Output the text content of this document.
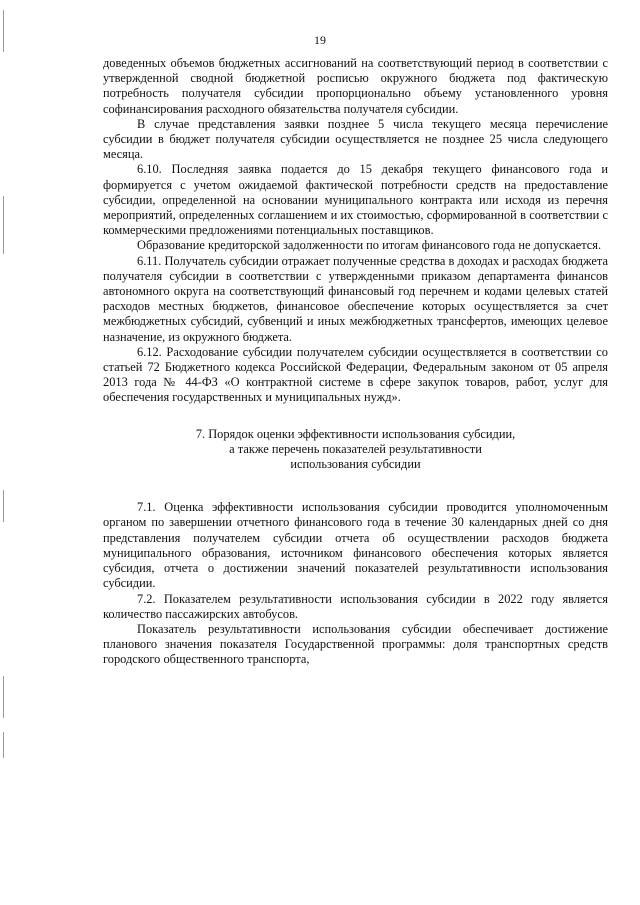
19

доведенных объемов бюджетных ассигнований на соответствующий период в соответствии с утвержденной сводной бюджетной росписью окружного бюджета под фактическую потребность получателя субсидии пропорционально объему установленного уровня софинансирования расходного обязательства получателя субсидии.

В случае представления заявки позднее 5 числа текущего месяца перечисление субсидии в бюджет получателя субсидии осуществляется не позднее 25 числа следующего месяца.

6.10. Последняя заявка подается до 15 декабря текущего финансового года и формируется с учетом ожидаемой фактической потребности средств на предоставление субсидии, определенной на основании муниципального контракта или исходя из перечня мероприятий, определенных соглашением и их стоимостью, сформированной в соответствии с коммерческими предложениями потенциальных поставщиков.

Образование кредиторской задолженности по итогам финансового года не допускается.

6.11. Получатель субсидии отражает полученные средства в доходах и расходах бюджета получателя субсидии в соответствии с утвержденными приказом департамента финансов автономного округа на соответствующий финансовый год перечнем и кодами целевых статей расходов местных бюджетов, финансовое обеспечение которых осуществляется за счет межбюджетных субсидий, субвенций и иных межбюджетных трансфертов, имеющих целевое назначение, из окружного бюджета.

6.12. Расходование субсидии получателем субсидии осуществляется в соответствии со статьей 72 Бюджетного кодекса Российской Федерации, Федеральным законом от 05 апреля 2013 года № 44-ФЗ «О контрактной системе в сфере закупок товаров, работ, услуг для обеспечения государственных и муниципальных нужд».

7. Порядок оценки эффективности использования субсидии,
а также перечень показателей результативности
использования субсидии

7.1. Оценка эффективности использования субсидии проводится уполномоченным органом по завершении отчетного финансового года в течение 30 календарных дней со дня представления получателем субсидии отчета об осуществлении расходов бюджета муниципального образования, источником финансового обеспечения которых является субсидия, отчета о достижении значений показателей результативности использования субсидии.

7.2. Показателем результативности использования субсидии в 2022 году является количество пассажирских автобусов.

Показатель результативности использования субсидии обеспечивает достижение планового значения показателя Государственной программы: доля транспортных средств городского общественного транспорта,
